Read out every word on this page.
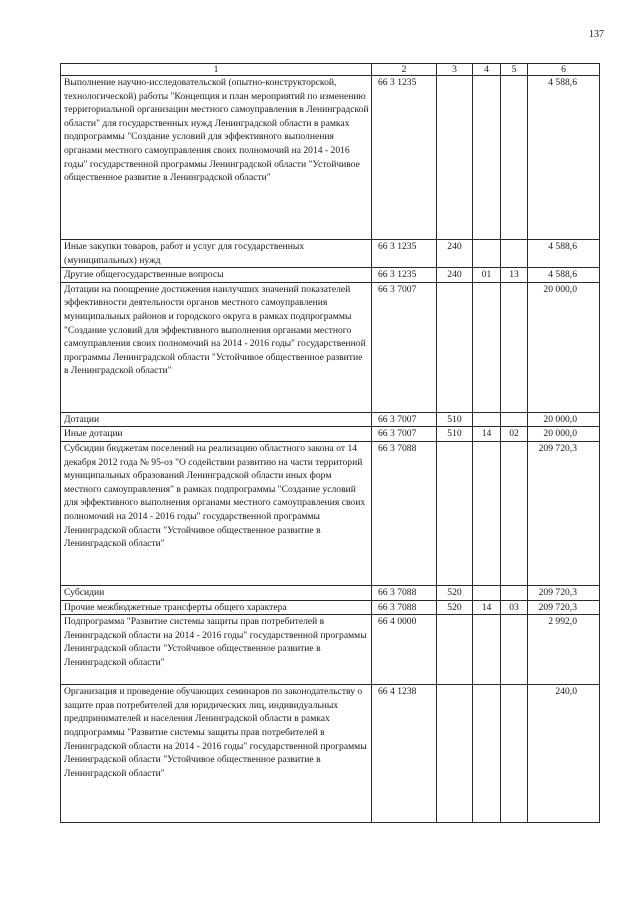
137
1	2	3	4	5	6
Выполнение научно-исследовательской (опытно-конструкторской, технологической) работы "Концепция и план мероприятий по изменению территориальной организации местного самоуправления в Ленинградской области" для государственных нужд Ленинградской области в рамках подпрограммы "Создание условий для эффективного выполнения органами местного самоуправления своих полномочий на 2014 - 2016 годы" государственной программы Ленинградской области "Устойчивое общественное развитие в Ленинградской области"	66 3 1235				4 588,6
Иные закупки товаров, работ и услуг для государственных (муниципальных) нужд	66 3 1235	240			4 588,6
Другие общегосударственные вопросы	66 3 1235	240	01	13	4 588,6
Дотации на поощрение достижения наилучших значений показателей эффективности деятельности органов местного самоуправления муниципальных районов и городского округа в рамках подпрограммы "Создание условий для эффективного выполнения органами местного самоуправления своих полномочий на 2014 - 2016 годы" государственной программы Ленинградской области "Устойчивое общественное развитие в Ленинградской области"	66 3 7007				20 000,0
Дотации	66 3 7007	510			20 000,0
Иные дотации	66 3 7007	510	14	02	20 000,0
Субсидии бюджетам поселений на реализацию областного закона от 14 декабря 2012 года № 95-оз "О содействии развитию на части территорий муниципальных образований Ленинградской области иных форм местного самоуправления" в рамках подпрограммы "Создание условий для эффективного выполнения органами местного самоуправления своих полномочий на 2014 - 2016 годы" государственной программы Ленинградской области "Устойчивое общественное развитие в Ленинградской области"	66 3 7088				209 720,3
Субсидии	66 3 7088	520			209 720,3
Прочие межбюджетные трансферты общего характера	66 3 7088	520	14	03	209 720,3
Подпрограмма "Развитие системы защиты прав потребителей в Ленинградской области на 2014 - 2016 годы" государственной программы Ленинградской области "Устойчивое общественное развитие в Ленинградской области"	66 4 0000				2 992,0
Организация и проведение обучающих семинаров по законодательству о защите прав потребителей для юридических лиц, индивидуальных предпринимателей и населения Ленинградской области в рамках подпрограммы "Развитие системы защиты прав потребителей в Ленинградской области на 2014 - 2016 годы" государственной программы Ленинградской области "Устойчивое общественное развитие в Ленинградской области"	66 4 1238				240,0
